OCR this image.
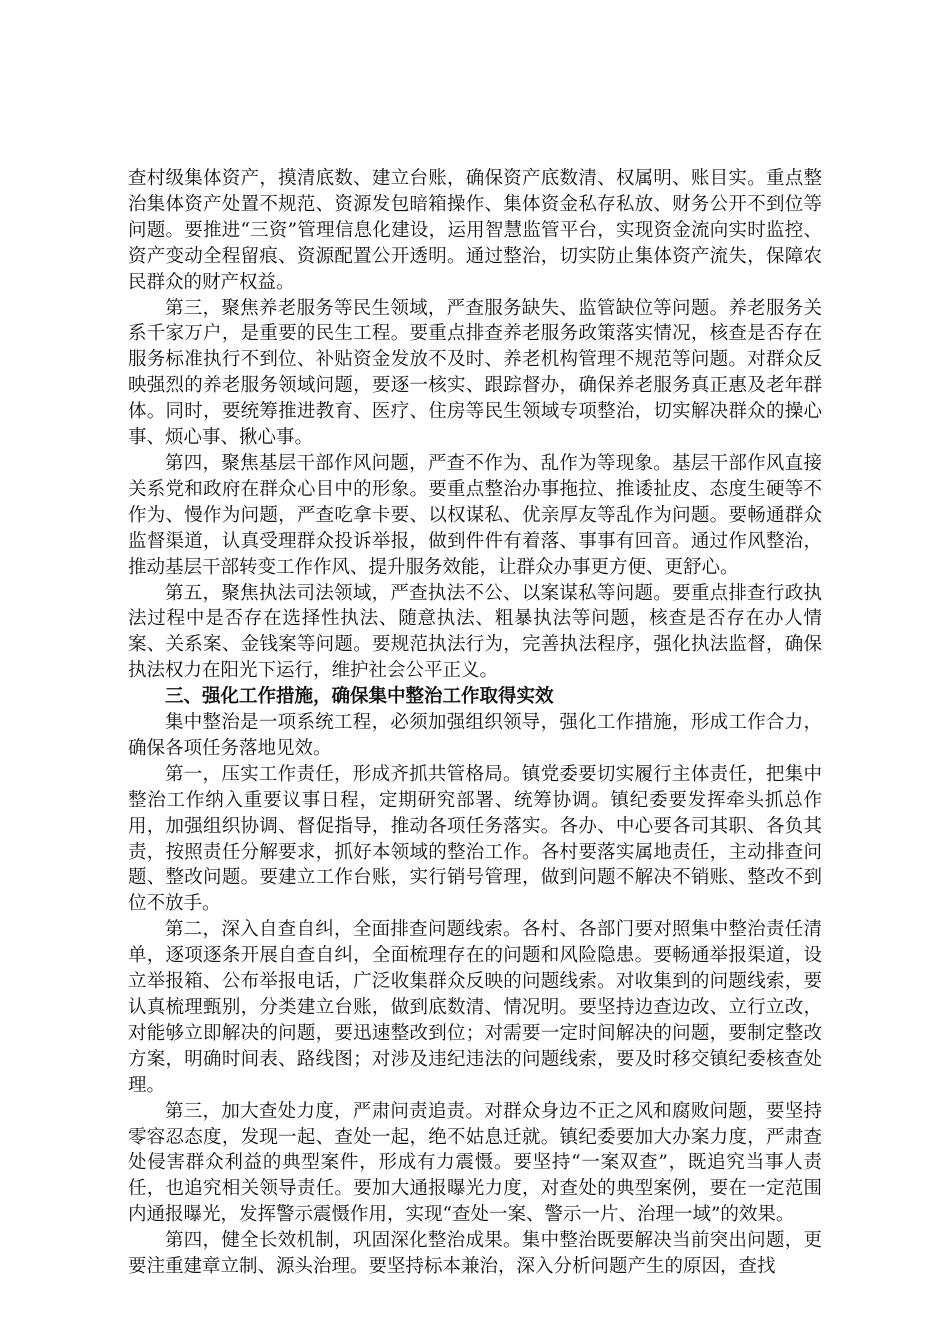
查村级集体资产，摸清底数、建立台账，确保资产底数清、权属明、账目实。重点整治集体资产处置不规范、资源发包暗箱操作、集体资金私存私放、财务公开不到位等问题。要推进“三资”管理信息化建设，运用智慧监管平台，实现资金流向实时监控、资产变动全程留痕、资源配置公开透明。通过整治，切实防止集体资产流失，保障农民群众的财产权益。

第三，聚焦养老服务等民生领域，严查服务缺失、监管缺位等问题。养老服务关系千家万户，是重要的民生工程。要重点排查养老服务政策落实情况，核查是否存在服务标准执行不到位、补贴资金发放不及时、养老机构管理不规范等问题。对群众反映强烈的养老服务领域问题，要逐一核实、跟踪督办，确保养老服务真正惠及老年群体。同时，要统筹推进教育、医疗、住房等民生领域专项整治，切实解决群众的操心事、烦心事、揪心事。

第四，聚焦基层干部作风问题，严查不作为、乱作为等现象。基层干部作风直接关系党和政府在群众心目中的形象。要重点整治办事拖拉、推诿扯皮、态度生硬等不作为、慢作为问题，严查吃拿卡要、以权谋私、优亲厚友等乱作为问题。要畅通群众监督渠道，认真受理群众投诉举报，做到件件有着落、事事有回音。通过作风整治，推动基层干部转变工作作风、提升服务效能，让群众办事更方便、更舒心。

第五，聚焦执法司法领域，严查执法不公、以案谋私等问题。要重点排查行政执法过程中是否存在选择性执法、随意执法、粗暴执法等问题，核查是否存在办人情案、关系案、金钱案等问题。要规范执法行为，完善执法程序，强化执法监督，确保执法权力在阳光下运行，维护社会公平正义。

三、强化工作措施，确保集中整治工作取得实效

集中整治是一项系统工程，必须加强组织领导，强化工作措施，形成工作合力，确保各项任务落地见效。

第一，压实工作责任，形成齐抓共管格局。镇党委要切实履行主体责任，把集中整治工作纳入重要议事日程，定期研究部署、统筹协调。镇纪委要发挥牵头抓总作用，加强组织协调、督促指导，推动各项任务落实。各办、中心要各司其职、各负其责，按照责任分解要求，抓好本领域的整治工作。各村要落实属地责任，主动排查问题、整改问题。要建立工作台账，实行销号管理，做到问题不解决不销账、整改不到位不放手。

第二，深入自查自纠，全面排查问题线索。各村、各部门要对照集中整治责任清单，逐项逐条开展自查自纠，全面梳理存在的问题和风险隐患。要畅通举报渠道，设立举报箱、公布举报电话，广泛收集群众反映的问题线索。对收集到的问题线索，要认真梳理甄别，分类建立台账，做到底数清、情况明。要坚持边查边改、立行立改，对能够立即解决的问题，要迅速整改到位；对需要一定时间解决的问题，要制定整改方案，明确时间表、路线图；对涉及违纪违法的问题线索，要及时移交镇纪委核查处理。

第三，加大查处力度，严肃问责追责。对群众身边不正之风和腐败问题，要坚持零容忍态度，发现一起、查处一起，绝不姑息迁就。镇纪委要加大办案力度，严肃查处侵害群众利益的典型案件，形成有力震慑。要坚持“一案双查”，既追究当事人责任，也追究相关领导责任。要加大通报曝光力度，对查处的典型案例，要在一定范围内通报曝光，发挥警示震慑作用，实现“查处一案、警示一片、治理一域”的效果。

第四，健全长效机制，巩固深化整治成果。集中整治既要解决当前突出问题，更要注重建章立制、源头治理。要坚持标本兼治，深入分析问题产生的原因，查找
